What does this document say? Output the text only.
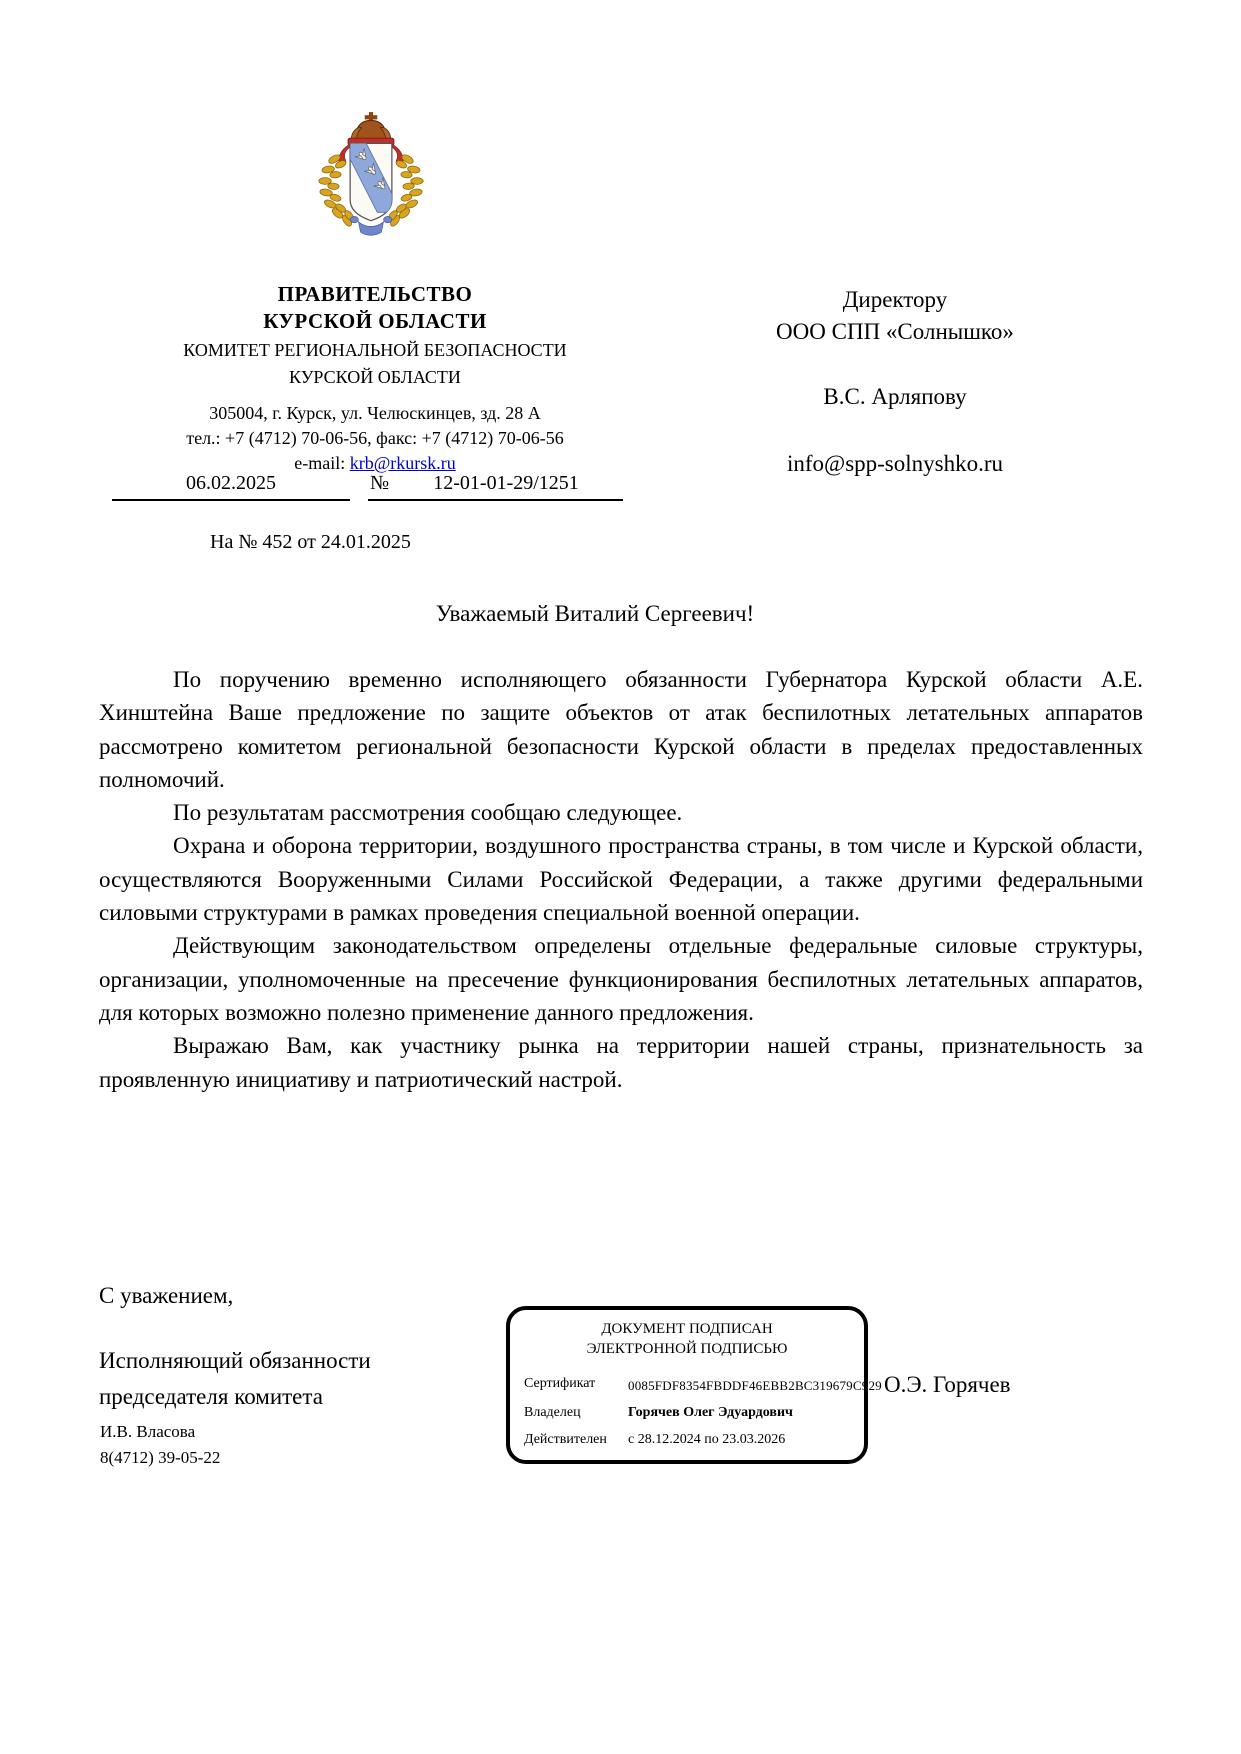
ПРАВИТЕЛЬСТВО
КУРСКОЙ ОБЛАСТИ
КОМИТЕТ РЕГИОНАЛЬНОЙ БЕЗОПАСНОСТИ
КУРСКОЙ ОБЛАСТИ
305004, г. Курск, ул. Челюскинцев, зд. 28 А
тел.: +7 (4712) 70-06-56, факс: +7 (4712) 70-06-56
e-mail: krb@rkursk.ru
06.02.2025	№	12-01-01-29/1251
Директору
ООО СПП «Солнышко»
В.С. Арляпову
info@spp-solnyshko.ru
На № 452 от 24.01.2025
Уважаемый Виталий Сергеевич!

По поручению временно исполняющего обязанности Губернатора Курской области А.Е. Хинштейна Ваше предложение по защите объектов от атак беспилотных летательных аппаратов рассмотрено комитетом региональной безопасности Курской области в пределах предоставленных полномочий.

По результатам рассмотрения сообщаю следующее.

Охрана и оборона территории, воздушного пространства страны, в том числе и Курской области, осуществляются Вооруженными Силами Российской Федерации, а также другими федеральными силовыми структурами в рамках проведения специальной военной операции.

Действующим законодательством определены отдельные федеральные силовые структуры, организации, уполномоченные на пресечение функционирования беспилотных летательных аппаратов, для которых возможно полезно применение данного предложения.

Выражаю Вам, как участнику рынка на территории нашей страны, признательность за проявленную инициативу и патриотический настрой.

С уважением,
Исполняющий обязанности
председателя комитета
ДОКУМЕНТ ПОДПИСАН
ЭЛЕКТРОННОЙ ПОДПИСЬЮ
Сертификат	0085FDF8354FBDDF46EBB2BC319679C929
Владелец	Горячев Олег Эдуардович
Действителен	с 28.12.2024 по 23.03.2026
О.Э. Горячев
И.В. Власова
8(4712) 39-05-22
